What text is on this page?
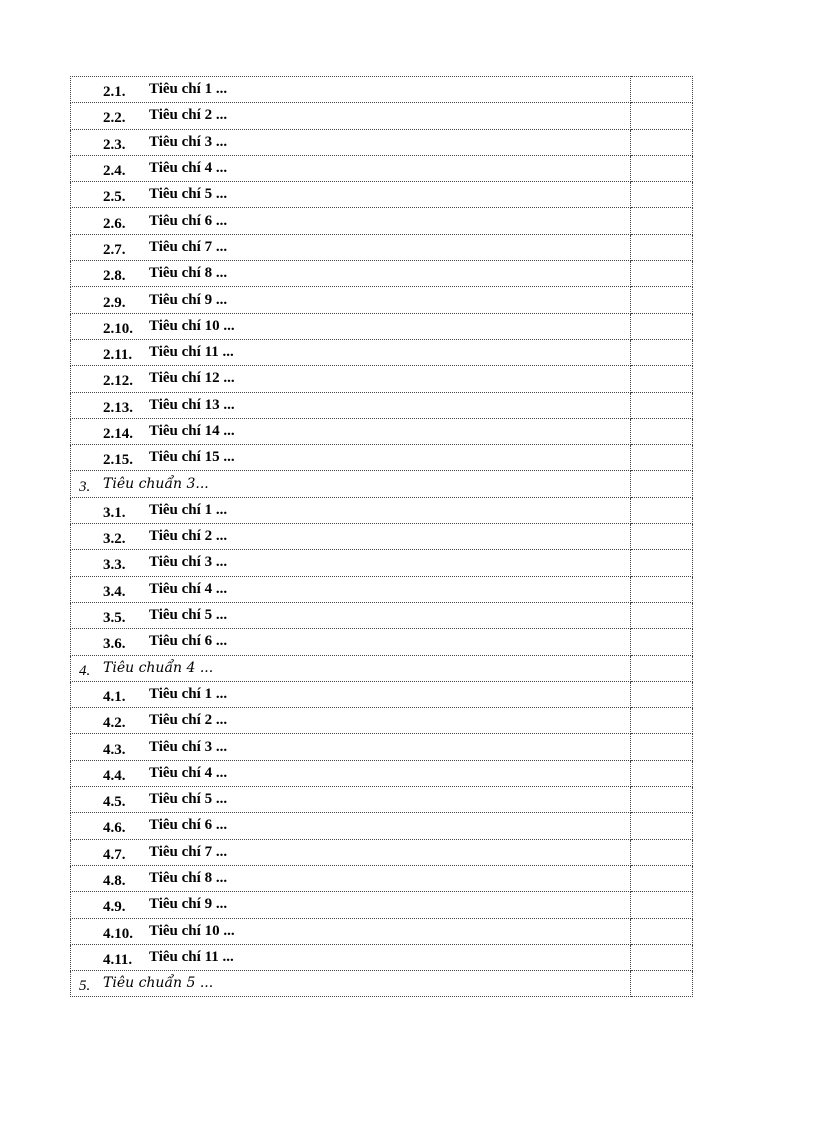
2.1. Tiêu chí 1 ...	
2.2. Tiêu chí 2 ...	
2.3. Tiêu chí 3 ...	
2.4. Tiêu chí 4 ...	
2.5. Tiêu chí 5 ...	
2.6. Tiêu chí 6 ...	
2.7. Tiêu chí 7 ...	
2.8. Tiêu chí 8 ...	
2.9. Tiêu chí 9 ...	
2.10. Tiêu chí 10 ...	
2.11. Tiêu chí 11 ...	
2.12. Tiêu chí 12 ...	
2.13. Tiêu chí 13 ...	
2.14. Tiêu chí 14 ...	
2.15. Tiêu chí 15 ...	
3. Tiêu chuẩn 3...	
3.1. Tiêu chí 1 ...	
3.2. Tiêu chí 2 ...	
3.3. Tiêu chí 3 ...	
3.4. Tiêu chí 4 ...	
3.5. Tiêu chí 5 ...	
3.6. Tiêu chí 6 ...	
4. Tiêu chuẩn 4 ...	
4.1. Tiêu chí 1 ...	
4.2. Tiêu chí 2 ...	
4.3. Tiêu chí 3 ...	
4.4. Tiêu chí 4 ...	
4.5. Tiêu chí 5 ...	
4.6. Tiêu chí 6 ...	
4.7. Tiêu chí 7 ...	
4.8. Tiêu chí 8 ...	
4.9. Tiêu chí 9 ...	
4.10. Tiêu chí 10 ...	
4.11. Tiêu chí 11 ...	
5. Tiêu chuẩn 5 ...	
